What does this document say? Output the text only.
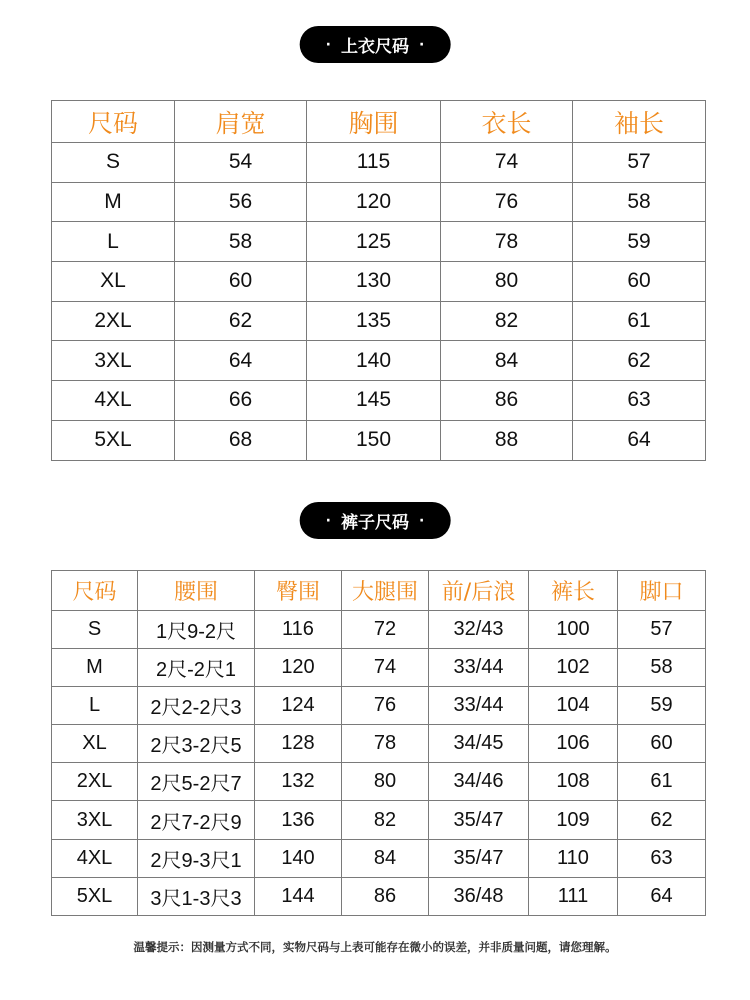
· 上衣尺码 ·
尺码	肩宽	胸围	衣长	袖长
S	54	115	74	57
M	56	120	76	58
L	58	125	78	59
XL	60	130	80	60
2XL	62	135	82	61
3XL	64	140	84	62
4XL	66	145	86	63
5XL	68	150	88	64
· 裤子尺码 ·
尺码	腰围	臀围	大腿围	前/后浪	裤长	脚口
S	1尺9-2尺	116	72	32/43	100	57
M	2尺-2尺1	120	74	33/44	102	58
L	2尺2-2尺3	124	76	33/44	104	59
XL	2尺3-2尺5	128	78	34/45	106	60
2XL	2尺5-2尺7	132	80	34/46	108	61
3XL	2尺7-2尺9	136	82	35/47	109	62
4XL	2尺9-3尺1	140	84	35/47	110	63
5XL	3尺1-3尺3	144	86	36/48	111	64
温馨提示：因测量方式不同，实物尺码与上表可能存在微小的误差，并非质量问题，请您理解。
